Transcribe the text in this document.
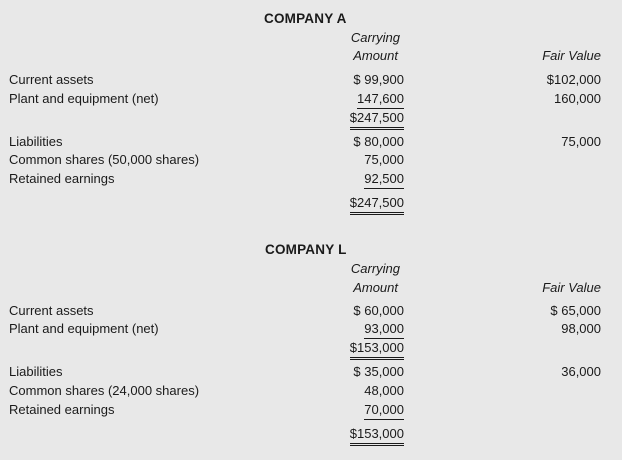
COMPANY A
Carrying
Amount	Fair Value
Current assets	$ 99,900	$102,000
Plant and equipment (net)	147,600	160,000
$247,500
Liabilities	$ 80,000	75,000
Common shares (50,000 shares)	75,000
Retained earnings	92,500
$247,500
COMPANY L
Carrying
Amount	Fair Value
Current assets	$ 60,000	$ 65,000
Plant and equipment (net)	93,000	98,000
$153,000
Liabilities	$ 35,000	36,000
Common shares (24,000 shares)	48,000
Retained earnings	70,000
$153,000
